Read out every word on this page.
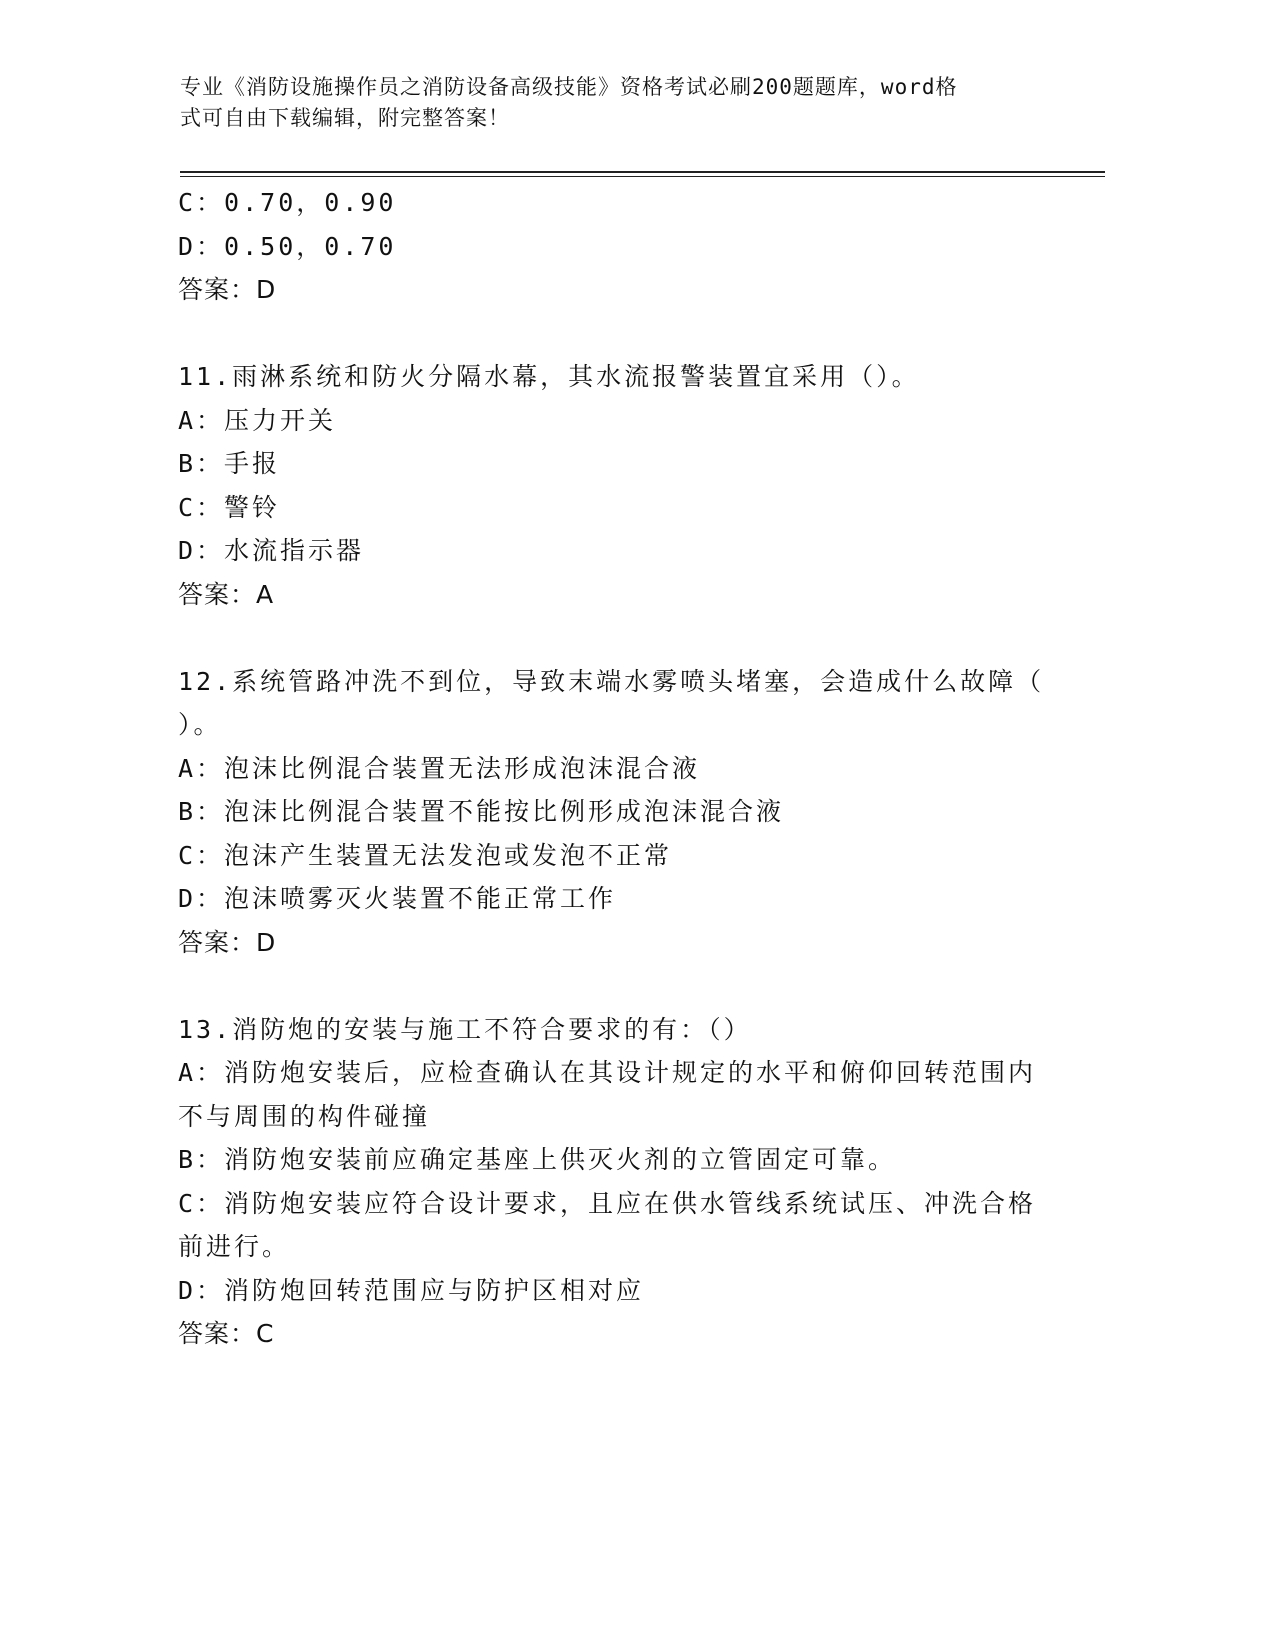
专业《消防设施操作员之消防设备高级技能》资格考试必刷200题题库，word格
式可自由下载编辑，附完整答案！
C：0.70，0.90
D：0.50，0.70
答案：D
11.雨淋系统和防火分隔水幕，其水流报警装置宜采用（）。
A：压力开关
B：手报
C：警铃
D：水流指示器
答案：A
12.系统管路冲洗不到位，导致末端水雾喷头堵塞，会造成什么故障（
）。
A：泡沫比例混合装置无法形成泡沫混合液
B：泡沫比例混合装置不能按比例形成泡沫混合液
C：泡沫产生装置无法发泡或发泡不正常
D：泡沫喷雾灭火装置不能正常工作
答案：D
13.消防炮的安装与施工不符合要求的有：（）
A：消防炮安装后，应检查确认在其设计规定的水平和俯仰回转范围内
不与周围的构件碰撞
B：消防炮安装前应确定基座上供灭火剂的立管固定可靠。
C：消防炮安装应符合设计要求，且应在供水管线系统试压、冲洗合格
前进行。
D：消防炮回转范围应与防护区相对应
答案：C
